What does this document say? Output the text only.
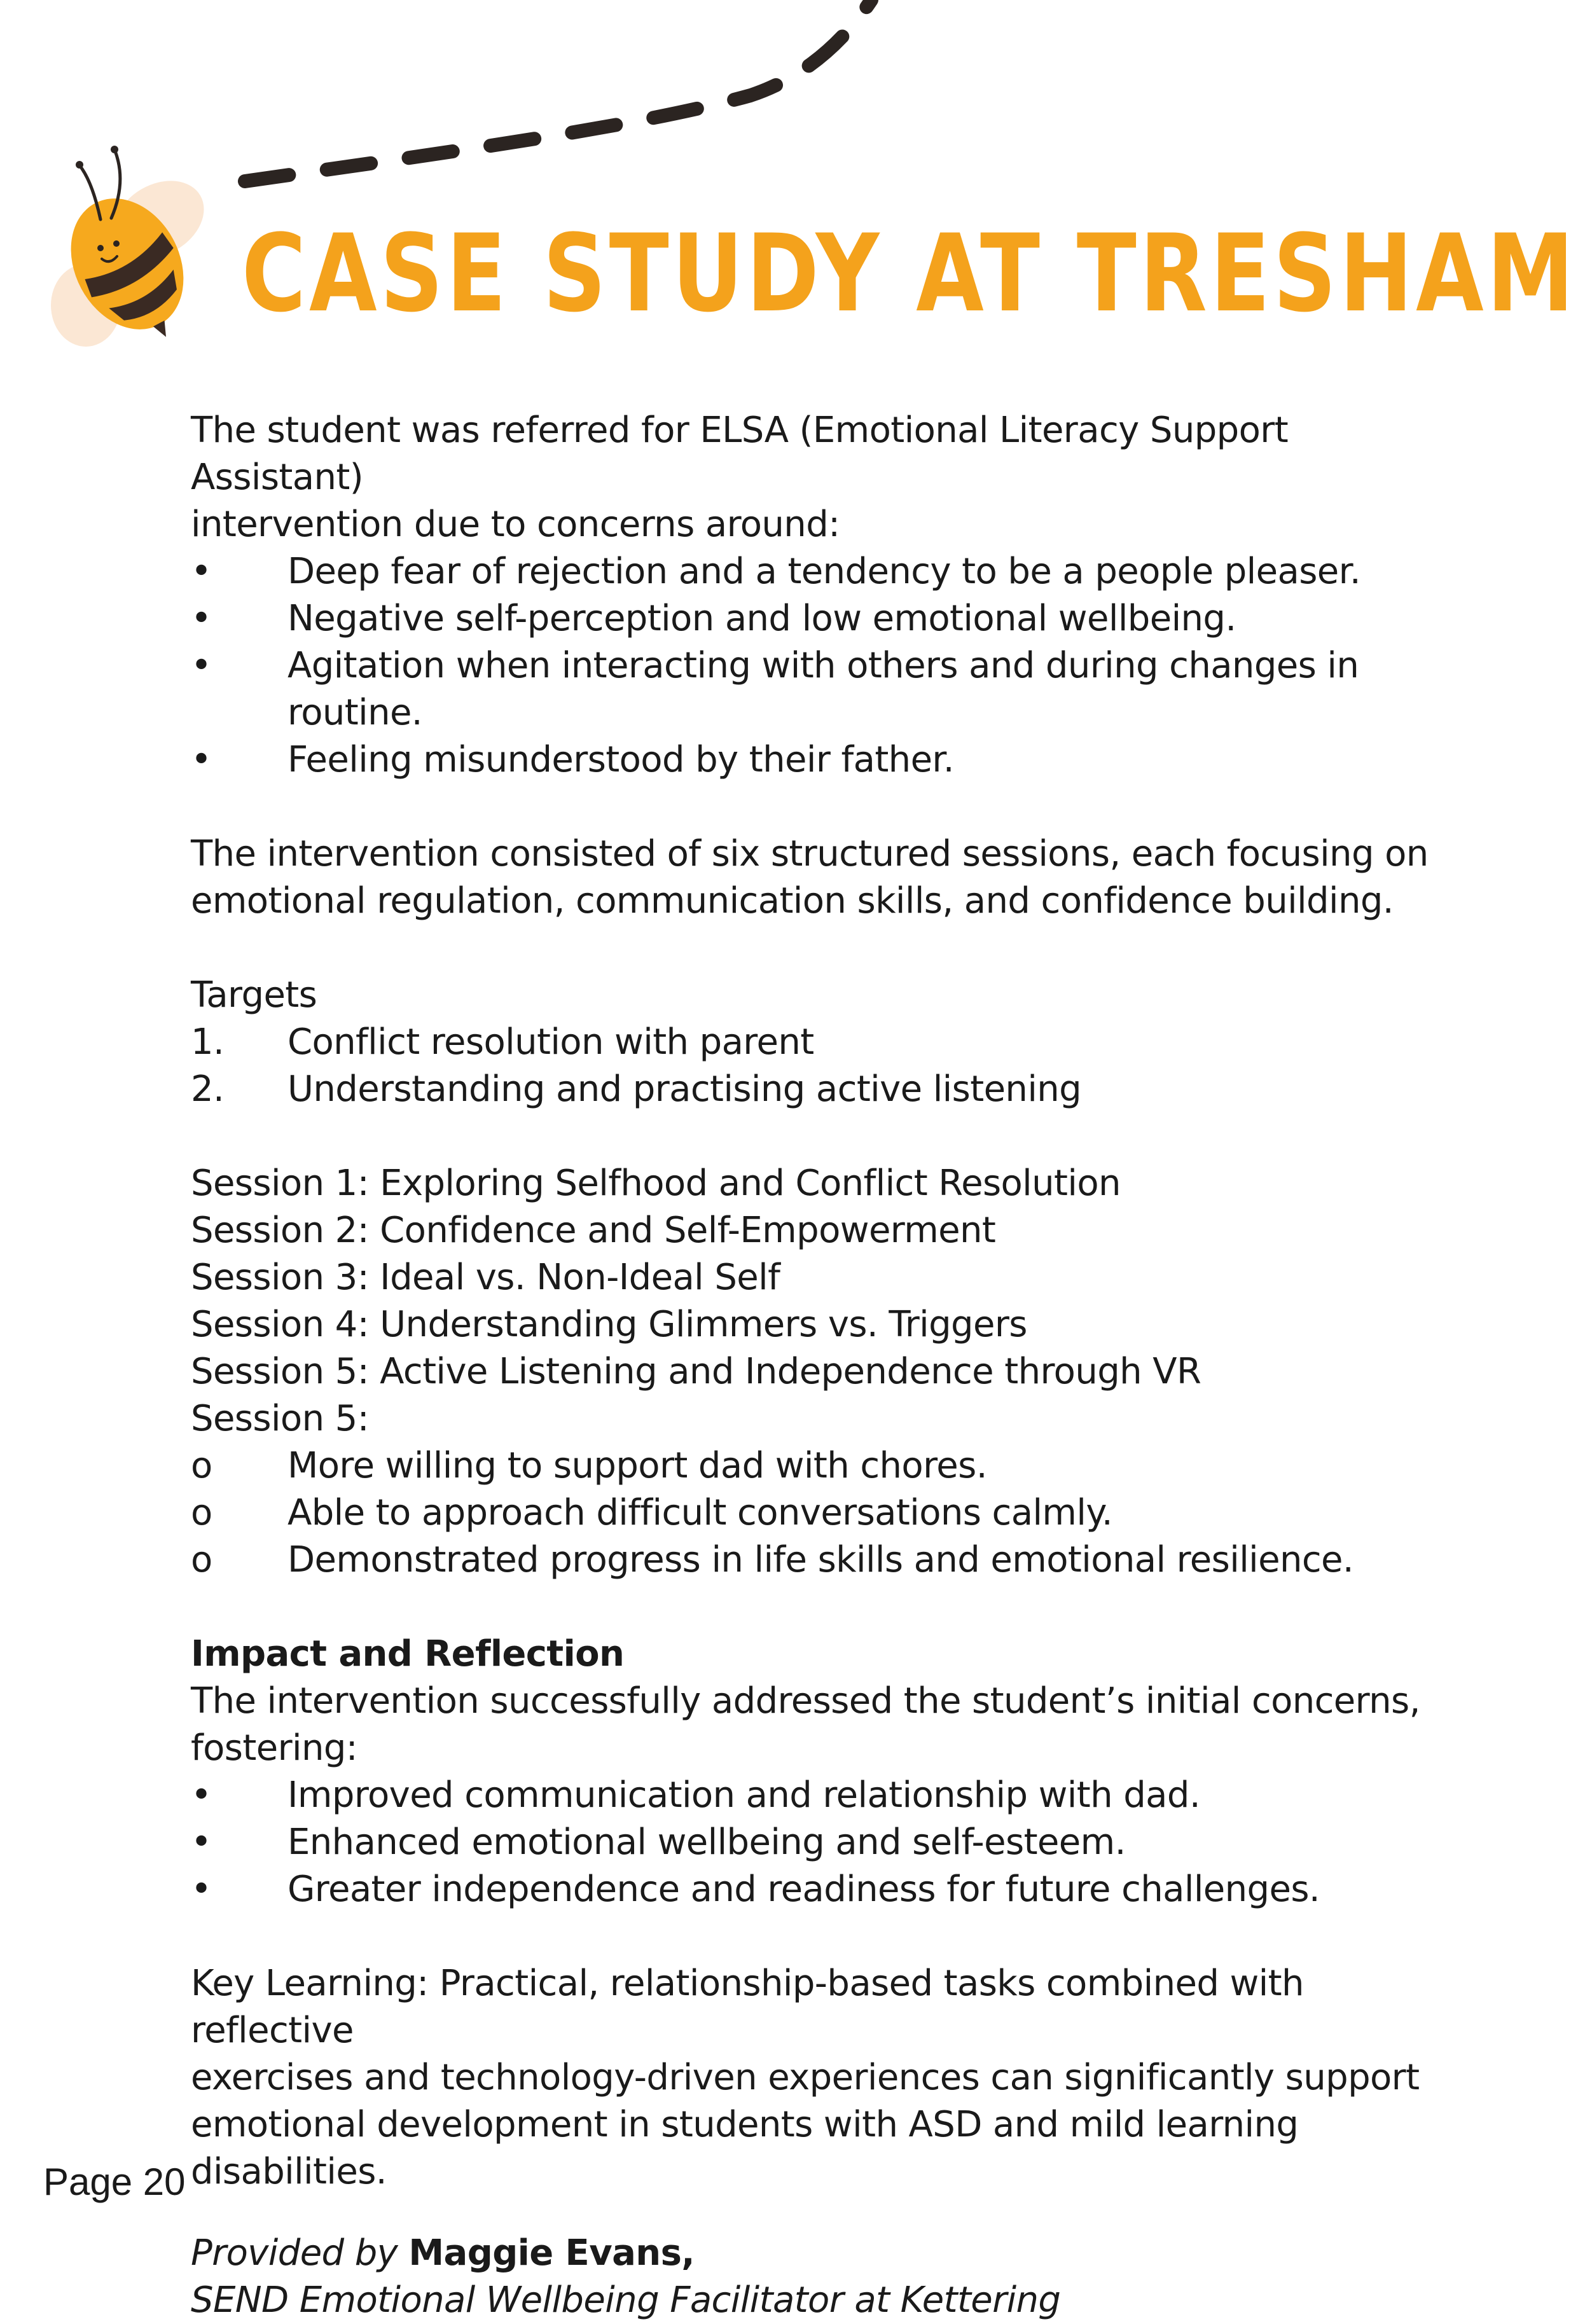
CASE STUDY AT TRESHAM

The student was referred for ELSA (Emotional Literacy Support Assistant)

intervention due to concerns around:

•	Deep fear of rejection and a tendency to be a people pleaser.
•	Negative self-perception and low emotional wellbeing.
•	Agitation when interacting with others and during changes in routine.
•	Feeling misunderstood by their father.

The intervention consisted of six structured sessions, each focusing on

emotional regulation, communication skills, and confidence building.

Targets

1.	Conflict resolution with parent
2.	Understanding and practising active listening

Session 1: Exploring Selfhood and Conflict Resolution

Session 2: Confidence and Self-Empowerment

Session 3: Ideal vs. Non-Ideal Self

Session 4: Understanding Glimmers vs. Triggers

Session 5: Active Listening and Independence through VR

Session 5:

o	More willing to support dad with chores.
o	Able to approach difficult conversations calmly.
o	Demonstrated progress in life skills and emotional resilience.

Impact and Reflection

The intervention successfully addressed the student’s initial concerns,

fostering:

•	Improved communication and relationship with dad.
•	Enhanced emotional wellbeing and self-esteem.
•	Greater independence and readiness for future challenges.

Key Learning: Practical, relationship-based tasks combined with reflective

exercises and technology-driven experiences can significantly support

emotional development in students with ASD and mild learning disabilities.

Provided by Maggie Evans,

SEND Emotional Wellbeing Facilitator at Kettering

Page 20
